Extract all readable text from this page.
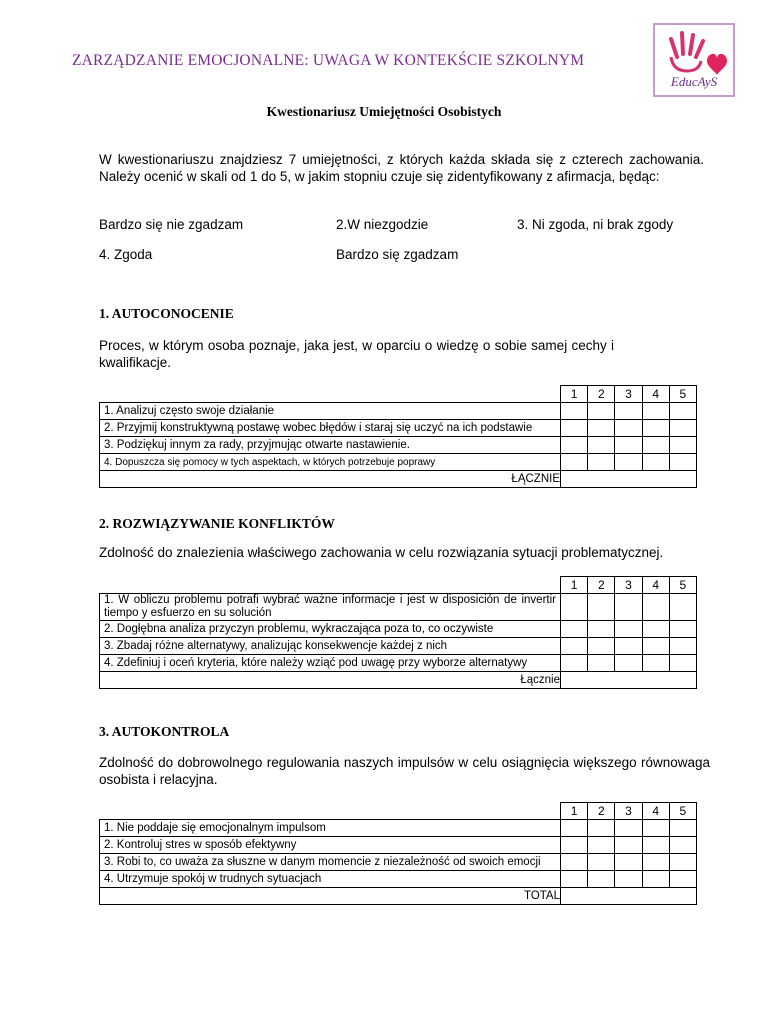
ZARZĄDZANIE EMOCJONALNE: UWAGA W KONTEKŚCIE SZKOLNYM
EducAyS
Kwestionariusz Umiejętności Osobistych
W kwestionariuszu znajdziesz 7 umiejętności, z których każda składa się z czterech zachowania. Należy ocenić w skali od 1 do 5, w jakim stopniu czuje się zidentyfikowany z afirmacja, będąc:
Bardzo się nie zgadzam	2.W niezgodzie	3. Ni zgoda, ni brak zgody
4. Zgoda	Bardzo się zgadzam
1. AUTOCONOCENIE
Proces, w którym osoba poznaje, jaka jest, w oparciu o wiedzę o sobie samej cechy i kwalifikacje.
	1	2	3	4	5
1. Analizuj często swoje działanie					
2. Przyjmij konstruktywną postawę wobec błędów i staraj się uczyć na ich podstawie					
3. Podziękuj innym za rady, przyjmując otwarte nastawienie.					
4. Dopuszcza się pomocy w tych aspektach, w których potrzebuje poprawy					
ŁĄCZNIE					
2. ROZWIĄZYWANIE KONFLIKTÓW
Zdolność do znalezienia właściwego zachowania w celu rozwiązania sytuacji problematycznej.
	1	2	3	4	5
1. W obliczu problemu potrafi wybrać ważne informacje i jest w disposición de invertir tiempo y esfuerzo en su solución					
2. Dogłębna analiza przyczyn problemu, wykraczająca poza to, co oczywiste					
3. Zbadaj różne alternatywy, analizując konsekwencje każdej z nich					
4. Zdefiniuj i oceń kryteria, które należy wziąć pod uwagę przy wyborze alternatywy					
Łącznie					
3. AUTOKONTROLA
Zdolność do dobrowolnego regulowania naszych impulsów w celu osiągnięcia większego równowaga osobista i relacyjna.
	1	2	3	4	5
1. Nie poddaje się emocjonalnym impulsom					
2. Kontroluj stres w sposób efektywny					
3. Robi to, co uważa za słuszne w danym momencie z niezależność od swoich emocji					
4. Utrzymuje spokój w trudnych sytuacjach					
TOTAL					
